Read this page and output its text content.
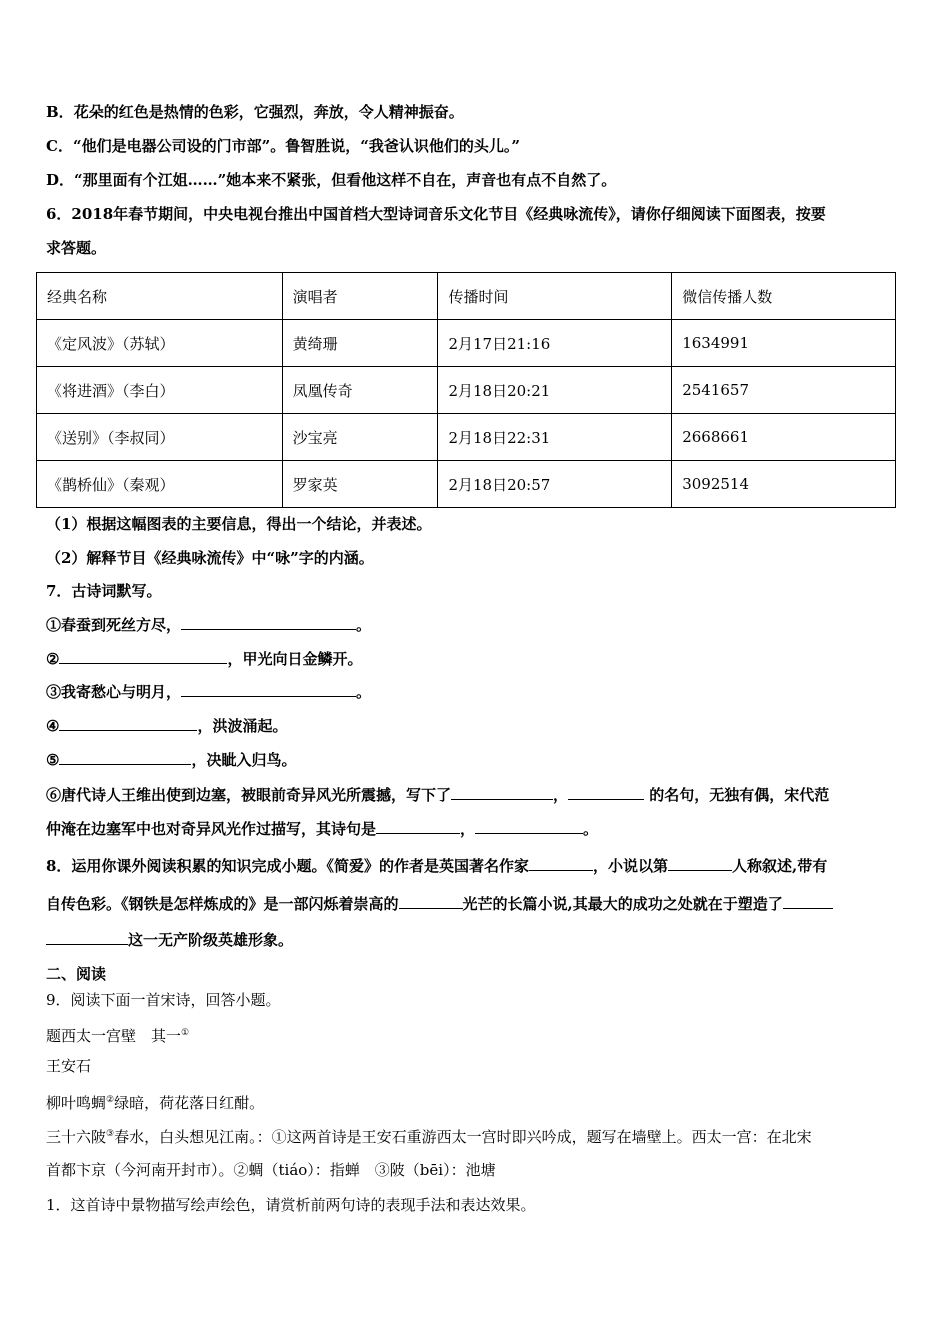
B．花朵的红色是热情的色彩，它强烈，奔放，令人精神振奋。
C．“他们是电器公司设的门市部”。鲁智胜说，“我爸认识他们的头儿。”
D．“那里面有个江姐……”她本来不紧张，但看他这样不自在，声音也有点不自然了。
6．2018年春节期间，中央电视台推出中国首档大型诗词音乐文化节目《经典咏流传》，请你仔细阅读下面图表，按要
求答题。
经典名称	演唱者	传播时间	微信传播人数
《定风波》（苏轼）	黄绮珊	2月17日21:16	1634991
《将进酒》（李白）	凤凰传奇	2月18日20:21	2541657
《送别》（李叔同）	沙宝亮	2月18日22:31	2668661
《鹊桥仙》（秦观）	罗家英	2月18日20:57	3092514
（1）根据这幅图表的主要信息，得出一个结论，并表述。
（2）解释节目《经典咏流传》中“咏”字的内涵。
7．古诗词默写。
①春蚕到死丝方尽，	。
②	，甲光向日金鳞开。
③我寄愁心与明月，	。
④	，洪波涌起。
⑤	，决眦入归鸟。
⑥唐代诗人王维出使到边塞，被眼前奇异风光所震撼，写下了	，	的名句，无独有偶，宋代范
仲淹在边塞军中也对奇异风光作过描写，其诗句是	，	。
8．运用你课外阅读积累的知识完成小题。《简爱》的作者是英国著名作家	，小说以第	人称叙述,带有
自传色彩。《钢铁是怎样炼成的》是一部闪烁着崇高的	光芒的长篇小说,其最大的成功之处就在于塑造了
这一无产阶级英雄形象。
二、阅读
9．阅读下面一首宋诗，回答小题。
题西太一宫壁　其一①
王安石
柳叶鸣蜩②绿暗，荷花落日红酣。
三十六陂③春水，白头想见江南。：①这两首诗是王安石重游西太一宫时即兴吟成，题写在墙壁上。西太一宫：在北宋
首都卞京（今河南开封市）。②蜩（tiáo）：指蝉　③陂（bēi）：池塘
1．这首诗中景物描写绘声绘色，请赏析前两句诗的表现手法和表达效果。
